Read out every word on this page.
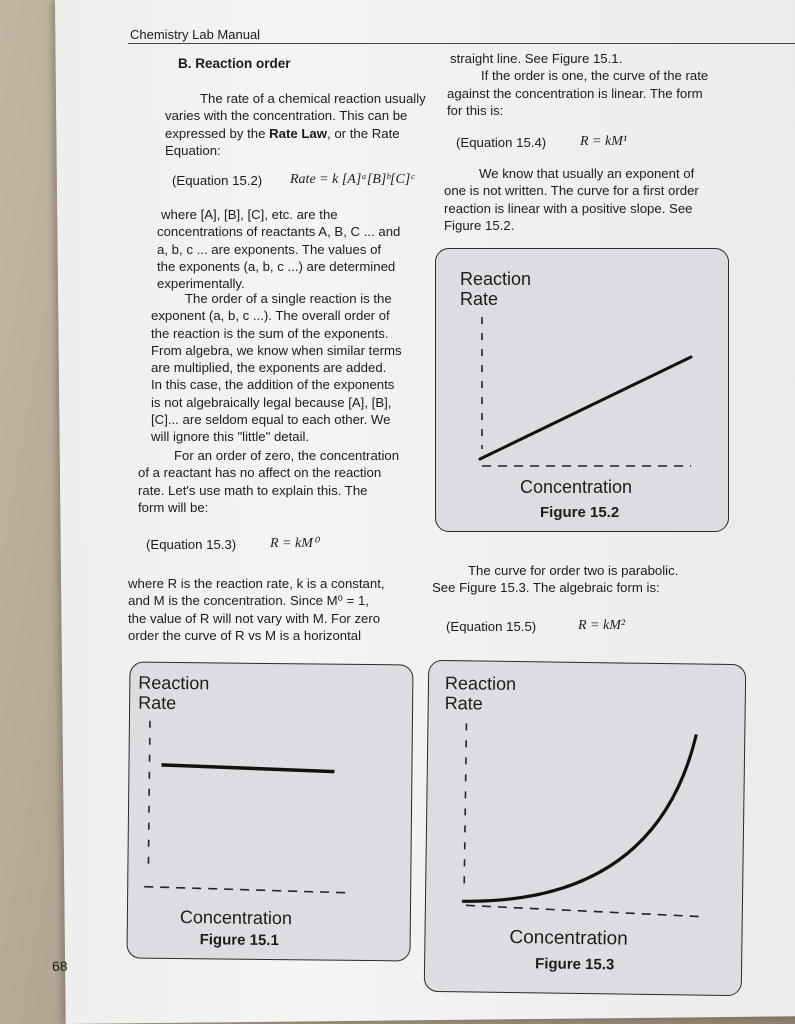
Chemistry Lab Manual
B. Reaction order

The rate of a chemical reaction usually

varies with the concentration. This can be

expressed by the Rate Law, or the Rate

Equation:

(Equation 15.2) Rate = k [A]ᵃ[B]ᵇ[C]ᶜ

where [A], [B], [C], etc. are the

concentrations of reactants A, B, C ... and

a, b, c ... are exponents. The values of

the exponents (a, b, c ...) are determined

experimentally.

The order of a single reaction is the

exponent (a, b, c ...). The overall order of

the reaction is the sum of the exponents.

From algebra, we know when similar terms

are multiplied, the exponents are added.

In this case, the addition of the exponents

is not algebraically legal because [A], [B],

[C]... are seldom equal to each other. We

will ignore this "little" detail.

For an order of zero, the concentration

of a reactant has no affect on the reaction

rate. Let's use math to explain this. The

form will be:

(Equation 15.3) R = kM⁰

where R is the reaction rate, k is a constant,

and M is the concentration. Since M⁰ = 1,

the value of R will not vary with M. For zero

order the curve of R vs M is a horizontal

straight line. See Figure 15.1.

If the order is one, the curve of the rate

against the concentration is linear. The form

for this is:

(Equation 15.4) R = kM¹

We know that usually an exponent of

one is not written. The curve for a first order

reaction is linear with a positive slope. See

Figure 15.2.

The curve for order two is parabolic.

See Figure 15.3. The algebraic form is:

(Equation 15.5)	R = kM²
Reaction
Rate
Concentration
Figure 15.2
Reaction
Rate
Concentration
Figure 15.1
Reaction
Rate
Concentration
Figure 15.3
68
